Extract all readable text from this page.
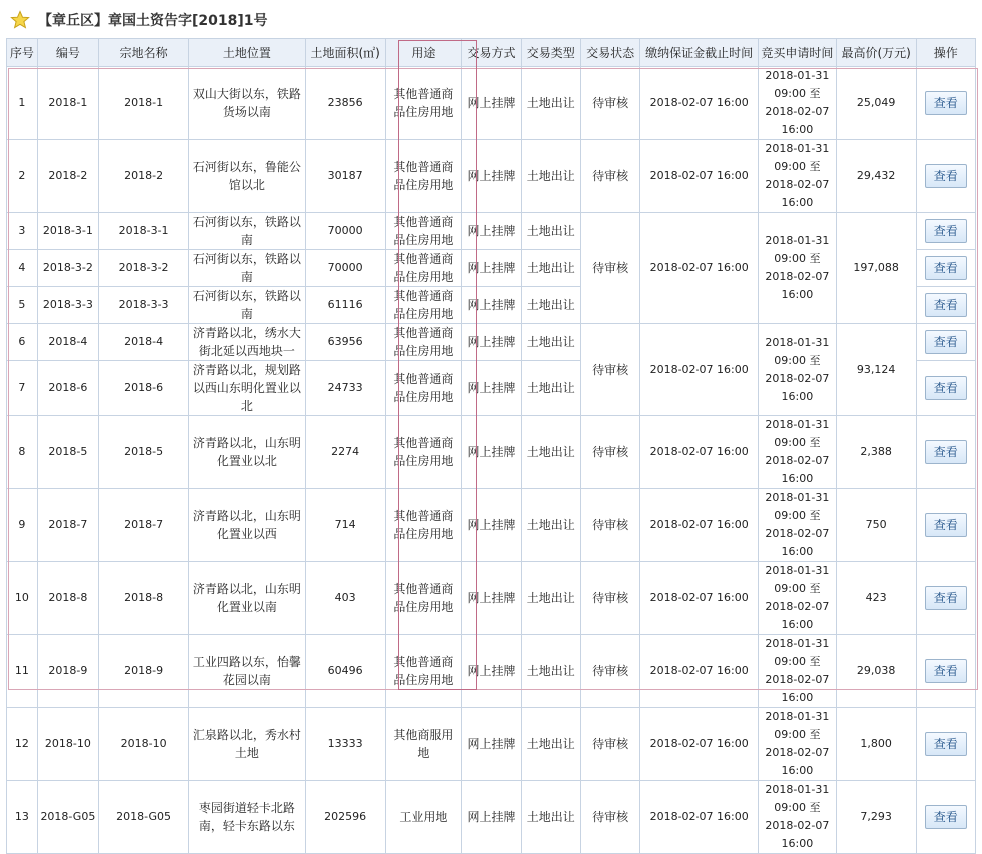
【章丘区】章国土资告字[2018]1号
序号	编号	宗地名称	土地位置	土地面积(㎡)	用途	交易方式	交易类型	交易状态	缴纳保证金截止时间	竞买申请时间	最高价(万元)	操作
1	2018-1	2018-1	双山大街以东，铁路货场以南	23856	其他普通商品住房用地	网上挂牌	土地出让	待审核	2018-02-07 16:00	2018-01-31 09:00 至 2018-02-07 16:00	25,049	查看
2	2018-2	2018-2	石河街以东，鲁能公馆以北	30187	其他普通商品住房用地	网上挂牌	土地出让	待审核	2018-02-07 16:00	2018-01-31 09:00 至 2018-02-07 16:00	29,432	查看
3	2018-3-1	2018-3-1	石河街以东，铁路以南	70000	其他普通商品住房用地	网上挂牌	土地出让	待审核	2018-02-07 16:00	2018-01-31 09:00 至 2018-02-07 16:00	197,088	查看
4	2018-3-2	2018-3-2	石河街以东，铁路以南	70000	其他普通商品住房用地	网上挂牌	土地出让					查看
5	2018-3-3	2018-3-3	石河街以东，铁路以南	61116	其他普通商品住房用地	网上挂牌	土地出让					查看
6	2018-4	2018-4	济青路以北，绣水大街北延以西地块一	63956	其他普通商品住房用地	网上挂牌	土地出让	待审核	2018-02-07 16:00	2018-01-31 09:00 至 2018-02-07 16:00	93,124	查看
7	2018-6	2018-6	济青路以北，规划路以西山东明化置业以北	24733	其他普通商品住房用地	网上挂牌	土地出让					查看
8	2018-5	2018-5	济青路以北，山东明化置业以北	2274	其他普通商品住房用地	网上挂牌	土地出让	待审核	2018-02-07 16:00	2018-01-31 09:00 至 2018-02-07 16:00	2,388	查看
9	2018-7	2018-7	济青路以北，山东明化置业以西	714	其他普通商品住房用地	网上挂牌	土地出让	待审核	2018-02-07 16:00	2018-01-31 09:00 至 2018-02-07 16:00	750	查看
10	2018-8	2018-8	济青路以北，山东明化置业以南	403	其他普通商品住房用地	网上挂牌	土地出让	待审核	2018-02-07 16:00	2018-01-31 09:00 至 2018-02-07 16:00	423	查看
11	2018-9	2018-9	工业四路以东，怡馨花园以南	60496	其他普通商品住房用地	网上挂牌	土地出让	待审核	2018-02-07 16:00	2018-01-31 09:00 至 2018-02-07 16:00	29,038	查看
12	2018-10	2018-10	汇泉路以北，秀水村土地	13333	其他商服用地	网上挂牌	土地出让	待审核	2018-02-07 16:00	2018-01-31 09:00 至 2018-02-07 16:00	1,800	查看
13	2018-G05	2018-G05	枣园街道轻卡北路南，轻卡东路以东	202596	工业用地	网上挂牌	土地出让	待审核	2018-02-07 16:00	2018-01-31 09:00 至 2018-02-07 16:00	7,293	查看
